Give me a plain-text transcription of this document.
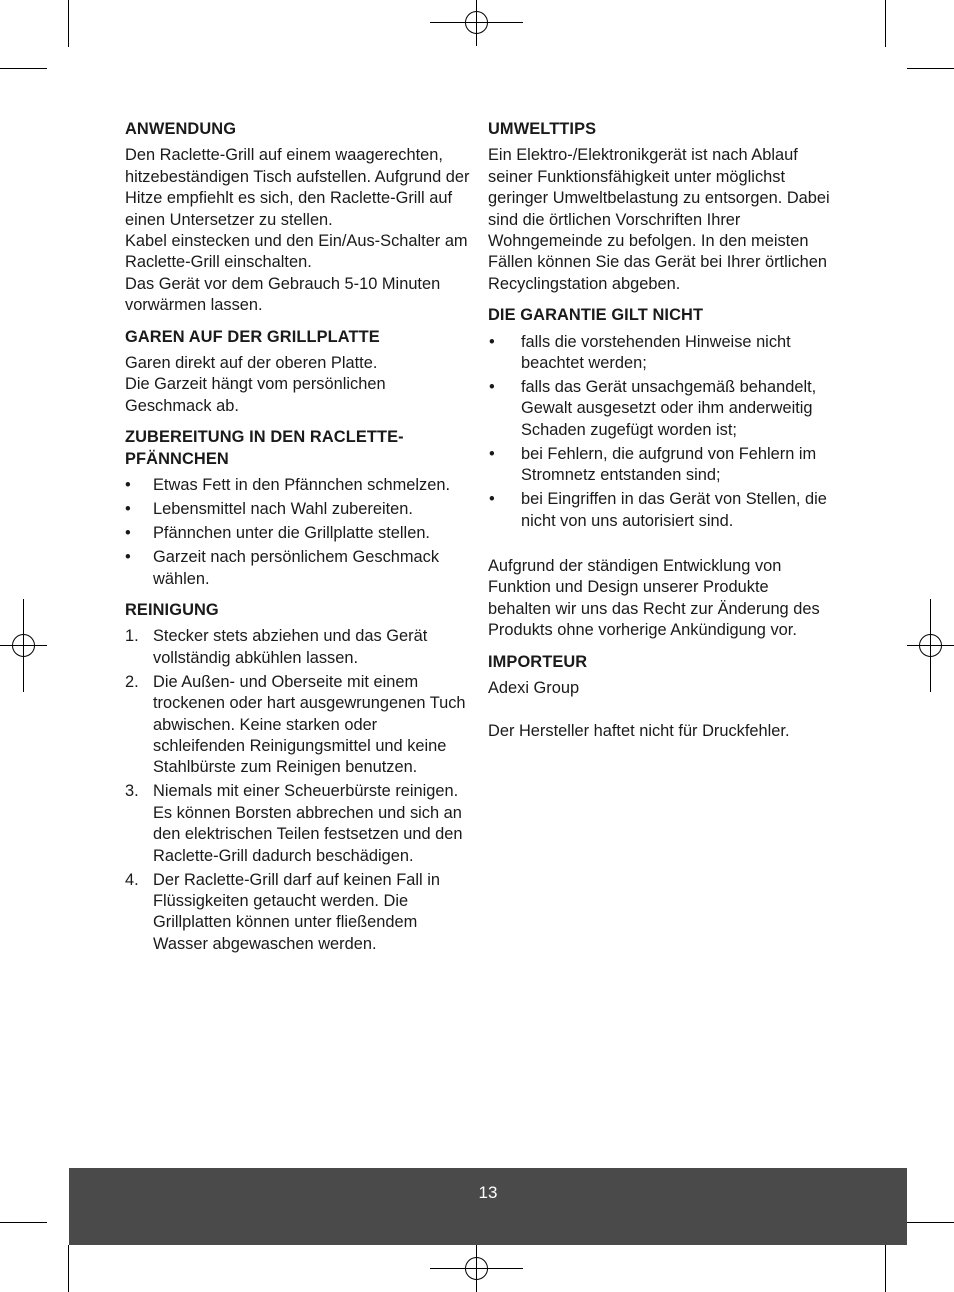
ANWENDUNG

Den Raclette-Grill auf einem waagerechten, hitzebeständigen Tisch aufstellen. Aufgrund der Hitze empfiehlt es sich, den Raclette-Grill auf einen Untersetzer zu stellen.

Kabel einstecken und den Ein/Aus-Schalter am Raclette-Grill einschalten.

Das Gerät vor dem Gebrauch 5-10 Minuten vorwärmen lassen.

GAREN AUF DER GRILLPLATTE

Garen direkt auf der oberen Platte.

Die Garzeit hängt vom persönlichen Geschmack ab.

ZUBEREITUNG IN DEN RACLETTE-PFÄNNCHEN
• Etwas Fett in den Pfännchen schmelzen.
• Lebensmittel nach Wahl zubereiten.
• Pfännchen unter die Grillplatte stellen.
• Garzeit nach persönlichem Geschmack wählen.
REINIGUNG
1. Stecker stets abziehen und das Gerät vollständig abkühlen lassen.
2. Die Außen- und Oberseite mit einem trockenen oder hart ausgewrungenen Tuch abwischen. Keine starken oder schleifenden Reinigungsmittel und keine Stahlbürste zum Reinigen benutzen.
3. Niemals mit einer Scheuerbürste reinigen. Es können Borsten abbrechen und sich an den elektrischen Teilen festsetzen und den Raclette-Grill dadurch beschädigen.
4. Der Raclette-Grill darf auf keinen Fall in Flüssigkeiten getaucht werden. Die Grillplatten können unter fließendem Wasser abgewaschen werden.
UMWELTTIPS

Ein Elektro-/Elektronikgerät ist nach Ablauf seiner Funktionsfähigkeit unter möglichst geringer Umweltbelastung zu entsorgen. Dabei sind die örtlichen Vorschriften Ihrer Wohngemeinde zu befolgen. In den meisten Fällen können Sie das Gerät bei Ihrer örtlichen Recyclingstation abgeben.

DIE GARANTIE GILT NICHT
• falls die vorstehenden Hinweise nicht beachtet werden;
• falls das Gerät unsachgemäß behandelt, Gewalt ausgesetzt oder ihm anderweitig Schaden zugefügt worden ist;
• bei Fehlern, die aufgrund von Fehlern im Stromnetz entstanden sind;
• bei Eingriffen in das Gerät von Stellen, die nicht von uns autorisiert sind.

Aufgrund der ständigen Entwicklung von Funktion und Design unserer Produkte behalten wir uns das Recht zur Änderung des Produkts ohne vorherige Ankündigung vor.

IMPORTEUR

Adexi Group

Der Hersteller haftet nicht für Druckfehler.

13
